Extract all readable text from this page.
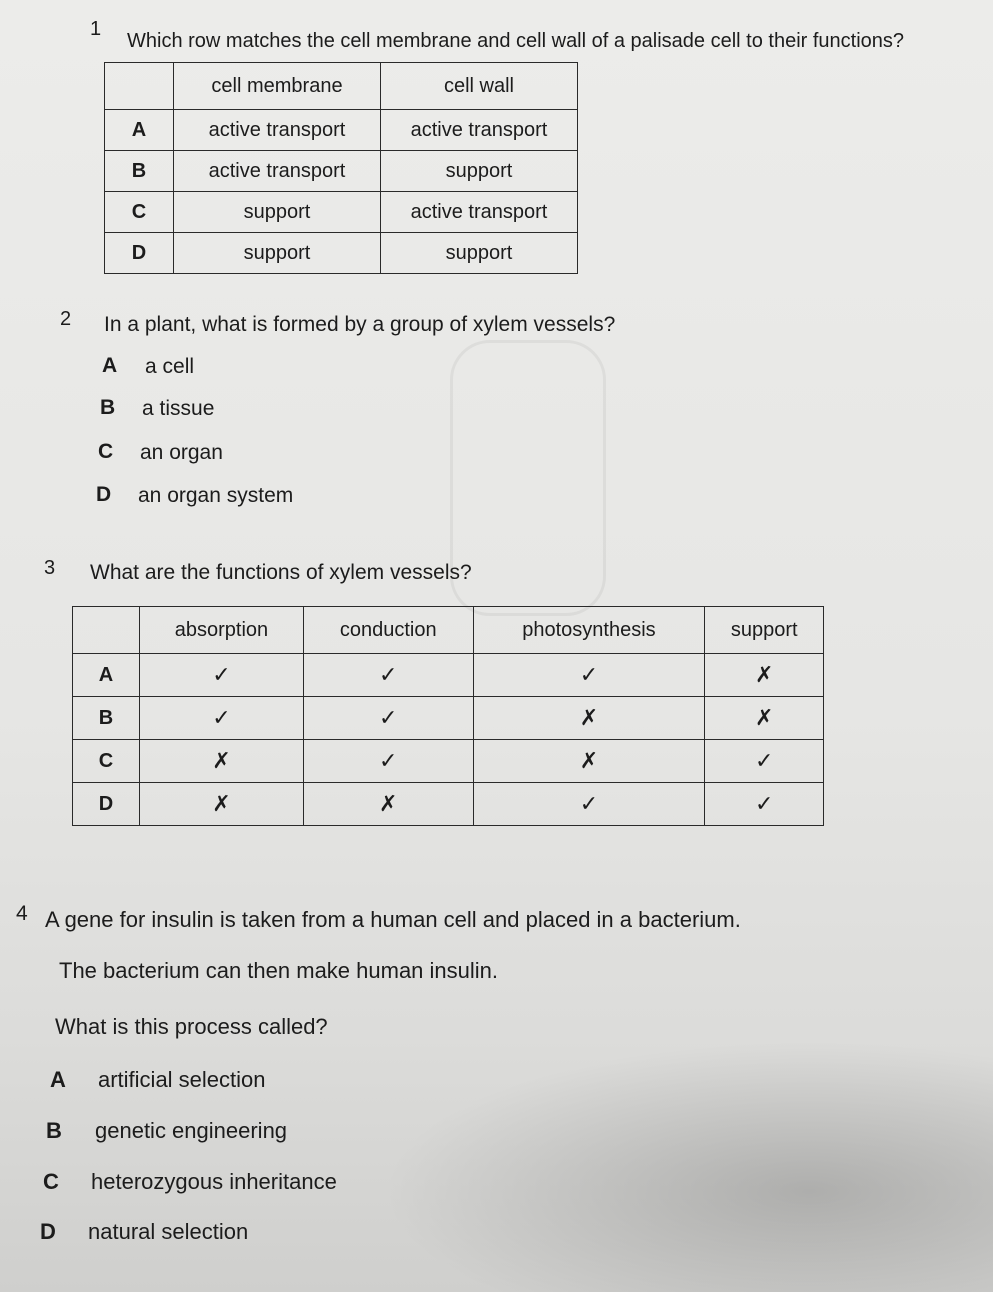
1
Which row matches the cell membrane and cell wall of a palisade cell to their functions?
	cell membrane	cell wall
A	active transport	active transport
B	active transport	support
C	support	active transport
D	support	support
2 In a plant, what is formed by a group of xylem vessels?
A a cell
B a tissue
C an organ
D an organ system
3 What are the functions of xylem vessels?
	absorption	conduction	photosynthesis	support
A	✓	✓	✓	✗
B	✓	✓	✗	✗
C	✗	✓	✗	✓
D	✗	✗	✓	✓
4 A gene for insulin is taken from a human cell and placed in a bacterium.
The bacterium can then make human insulin.
What is this process called?
A artificial selection
B genetic engineering
C heterozygous inheritance
D natural selection
